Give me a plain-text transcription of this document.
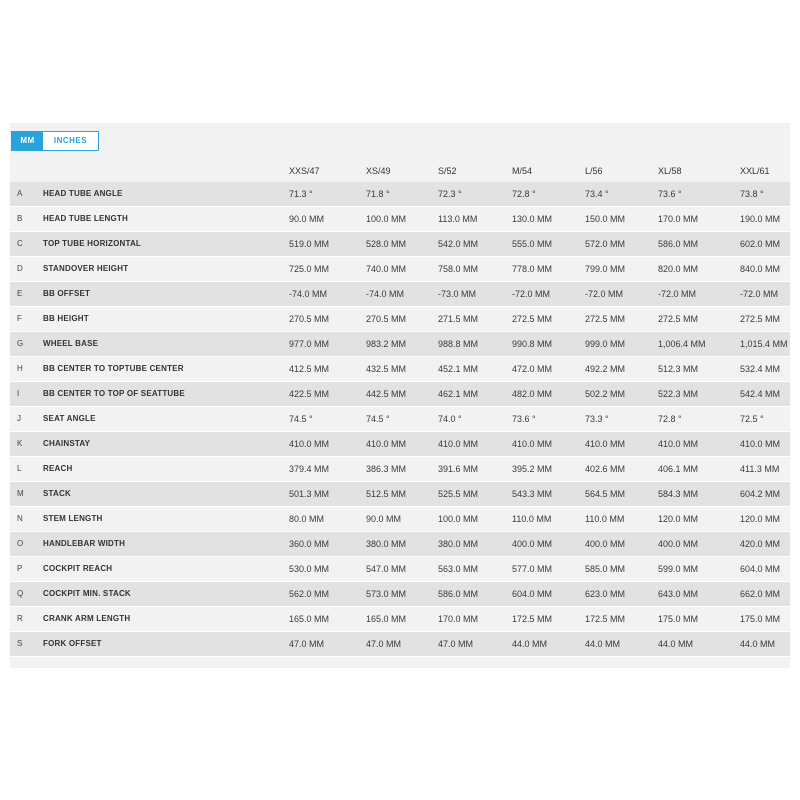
MM	INCHES
XXS/47	XS/49	S/52	M/54	L/56	XL/58	XXL/61
A	HEAD TUBE ANGLE	71.3 °	71.8 °	72.3 °	72.8 °	73.4 °	73.6 °	73.8 °
B	HEAD TUBE LENGTH	90.0 MM	100.0 MM	113.0 MM	130.0 MM	150.0 MM	170.0 MM	190.0 MM
C	TOP TUBE HORIZONTAL	519.0 MM	528.0 MM	542.0 MM	555.0 MM	572.0 MM	586.0 MM	602.0 MM
D	STANDOVER HEIGHT	725.0 MM	740.0 MM	758.0 MM	778.0 MM	799.0 MM	820.0 MM	840.0 MM
E	BB OFFSET	-74.0 MM	-74.0 MM	-73.0 MM	-72.0 MM	-72.0 MM	-72.0 MM	-72.0 MM
F	BB HEIGHT	270.5 MM	270.5 MM	271.5 MM	272.5 MM	272.5 MM	272.5 MM	272.5 MM
G WHEEL BASE	977.0 MM	983.2 MM	988.8 MM	990.8 MM	999.0 MM	1,006.4 MM	1,015.4 MM
H	BB CENTER TO TOPTUBE CENTER	412.5 MM	432.5 MM	452.1 MM	472.0 MM	492.2 MM	512.3 MM	532.4 MM
I	BB CENTER TO TOP OF SEATTUBE	422.5 MM	442.5 MM	462.1 MM	482.0 MM	502.2 MM	522.3 MM	542.4 MM
J	SEAT ANGLE	74.5 °	74.5 °	74.0 °	73.6 °	73.3 °	72.8 °	72.5 °
K	CHAINSTAY	410.0 MM	410.0 MM	410.0 MM	410.0 MM	410.0 MM	410.0 MM	410.0 MM
L	REACH	379.4 MM	386.3 MM	391.6 MM	395.2 MM	402.6 MM	406.1 MM	411.3 MM
M STACK	501.3 MM	512.5 MM	525.5 MM	543.3 MM	564.5 MM	584.3 MM	604.2 MM
N	STEM LENGTH	80.0 MM	90.0 MM	100.0 MM	110.0 MM	110.0 MM	120.0 MM	120.0 MM
O HANDLEBAR WIDTH	360.0 MM	380.0 MM	380.0 MM	400.0 MM	400.0 MM	400.0 MM	420.0 MM
P	COCKPIT REACH	530.0 MM	547.0 MM	563.0 MM	577.0 MM	585.0 MM	599.0 MM	604.0 MM
Q COCKPIT MIN. STACK	562.0 MM	573.0 MM	586.0 MM	604.0 MM	623.0 MM	643.0 MM	662.0 MM
R	CRANK ARM LENGTH	165.0 MM	165.0 MM	170.0 MM	172.5 MM	172.5 MM	175.0 MM	175.0 MM
S	FORK OFFSET	47.0 MM	47.0 MM	47.0 MM	44.0 MM	44.0 MM	44.0 MM	44.0 MM
